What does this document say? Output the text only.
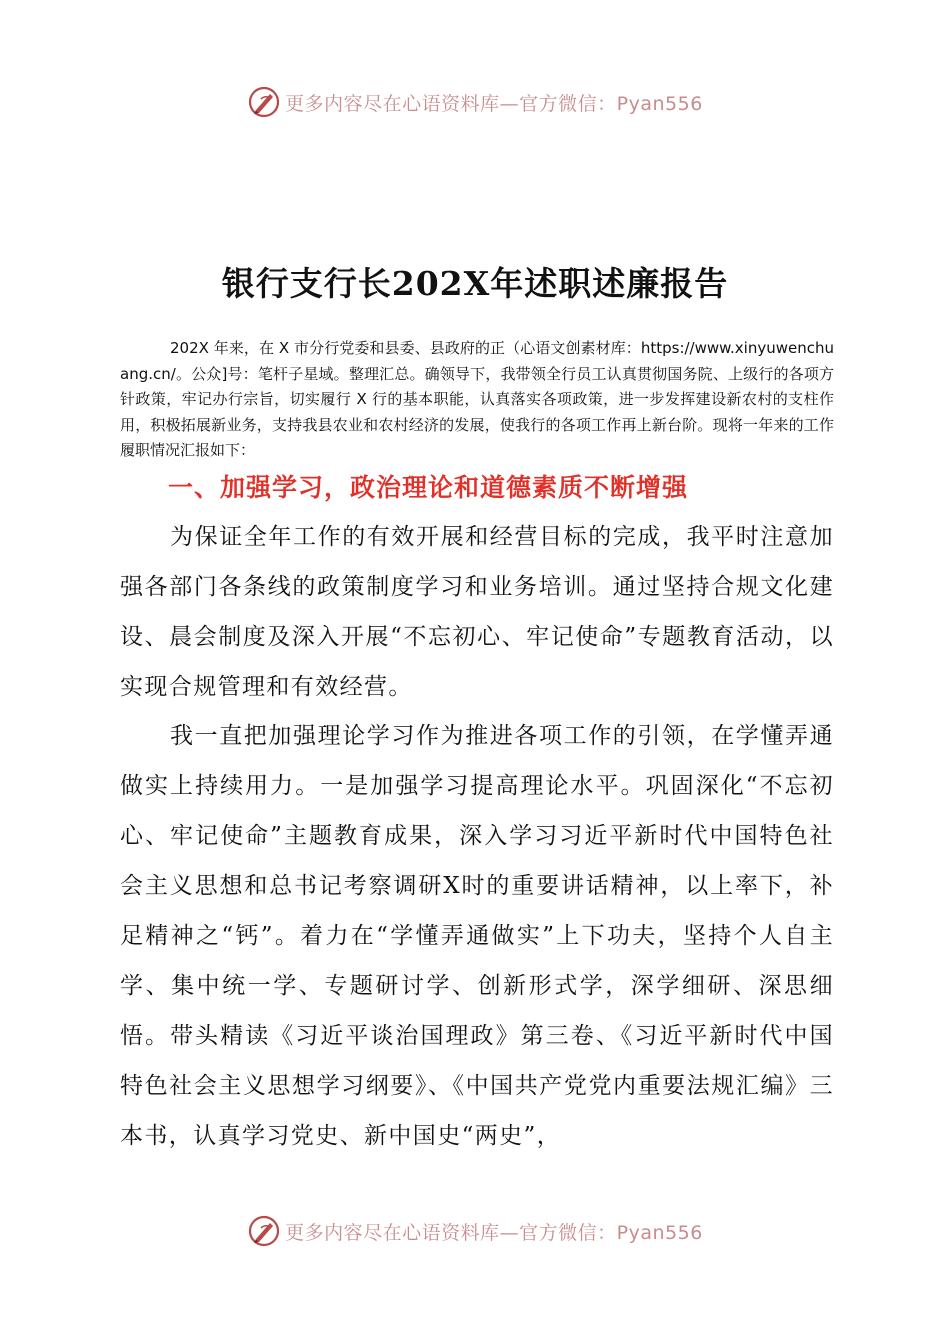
更多内容尽在心语资料库—官方微信：Pyan556
银行支行长202X年述职述廉报告

202X 年来，在 X 市分行党委和县委、县政府的正（心语文创素材库：https://www.xinyuwenchuang.cn/。公众]号：笔杆子星域。整理汇总。确领导下，我带领全行员工认真贯彻国务院、上级行的各项方针政策，牢记办行宗旨，切实履行 X 行的基本职能，认真落实各项政策，进一步发挥建设新农村的支柱作用，积极拓展新业务，支持我县农业和农村经济的发展，使我行的各项工作再上新台阶。现将一年来的工作履职情况汇报如下：

一、加强学习，政治理论和道德素质不断增强

为保证全年工作的有效开展和经营目标的完成，我平时注意加强各部门各条线的政策制度学习和业务培训。通过坚持合规文化建设、晨会制度及深入开展“不忘初心、牢记使命”专题教育活动，以实现合规管理和有效经营。

我一直把加强理论学习作为推进各项工作的引领，在学懂弄通做实上持续用力。一是加强学习提高理论水平。巩固深化“不忘初心、牢记使命”主题教育成果，深入学习习近平新时代中国特色社会主义思想和总书记考察调研X时的重要讲话精神，以上率下，补足精神之“钙”。着力在“学懂弄通做实”上下功夫，坚持个人自主学、集中统一学、专题研讨学、创新形式学，深学细研、深思细悟。带头精读《习近平谈治国理政》第三卷、《习近平新时代中国特色社会主义思想学习纲要》、《中国共产党党内重要法规汇编》三本书，认真学习党史、新中国史“两史”，

更多内容尽在心语资料库—官方微信：Pyan556
